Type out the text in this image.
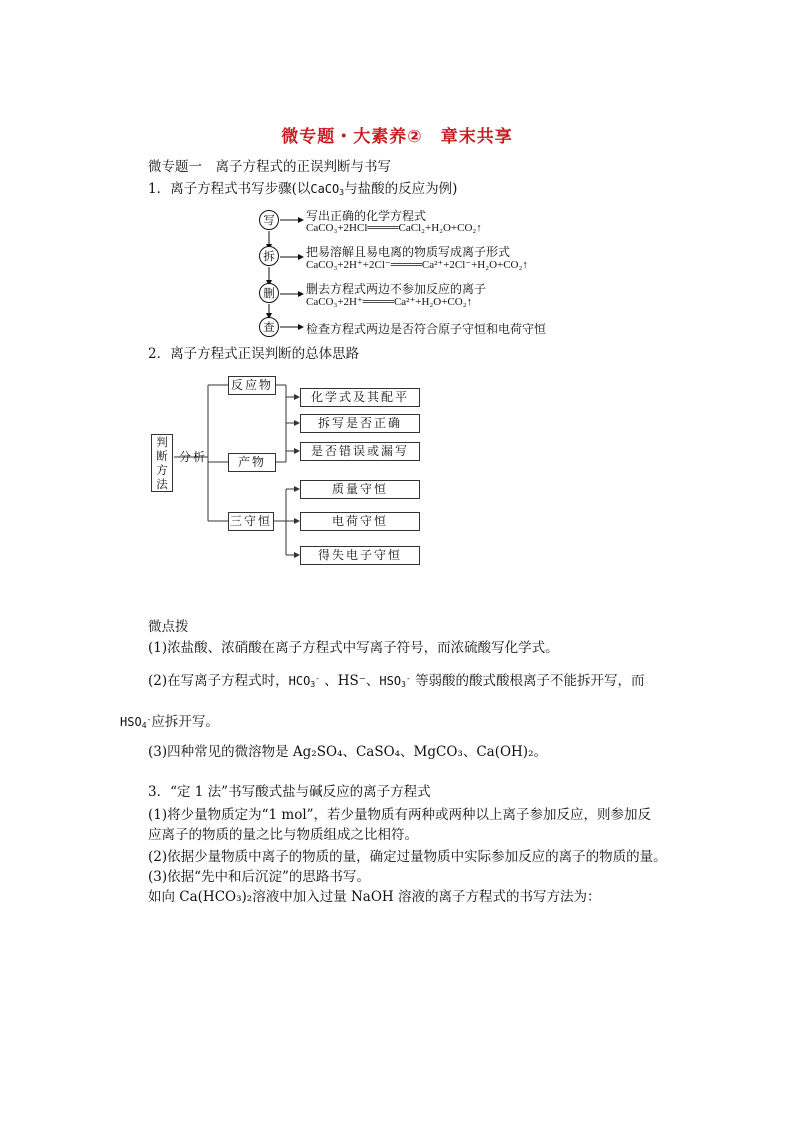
微专题・大素养②　章末共享
微专题一　离子方程式的正误判断与书写
1．离子方程式书写步骤(以CaCO$_3$与盐酸的反应为例)
写
拆
删
查
写出正确的化学方程式
CaCO₃+2HCl════CaCl₂+H₂O+CO₂↑
把易溶解且易电离的物质写成离子形式
CaCO₃+2H⁺+2Cl⁻════Ca²⁺+2Cl⁻+H₂O+CO₂↑
删去方程式两边不参加反应的离子
CaCO₃+2H⁺════Ca²⁺+H₂O+CO₂↑
检查方程式两边是否符合原子守恒和电荷守恒
2．离子方程式正误判断的总体思路
判断方法
分析
反应物
产物
三守恒
化学式及其配平
拆写是否正确
是否错误或漏写
质量守恒
电荷守恒
得失电子守恒
微点拨
(1)浓盐酸、浓硝酸在离子方程式中写离子符号，而浓硫酸写化学式。
(2)在写离子方程式时，$HCO_3^-$ 、HS⁻、$HSO_3^-$ 等弱酸的酸式酸根离子不能拆开写，而
$HSO_4^-$应拆开写。
(3)四种常见的微溶物是 Ag₂SO₄、CaSO₄、MgCO₃、Ca(OH)₂。
3．“定 1 法”书写酸式盐与碱反应的离子方程式
(1)将少量物质定为“1 mol”，若少量物质有两种或两种以上离子参加反应，则参加反
应离子的物质的量之比与物质组成之比相符。
(2)依据少量物质中离子的物质的量，确定过量物质中实际参加反应的离子的物质的量。
(3)依据“先中和后沉淀”的思路书写。
如向 Ca(HCO₃)₂溶液中加入过量 NaOH 溶液的离子方程式的书写方法为：
